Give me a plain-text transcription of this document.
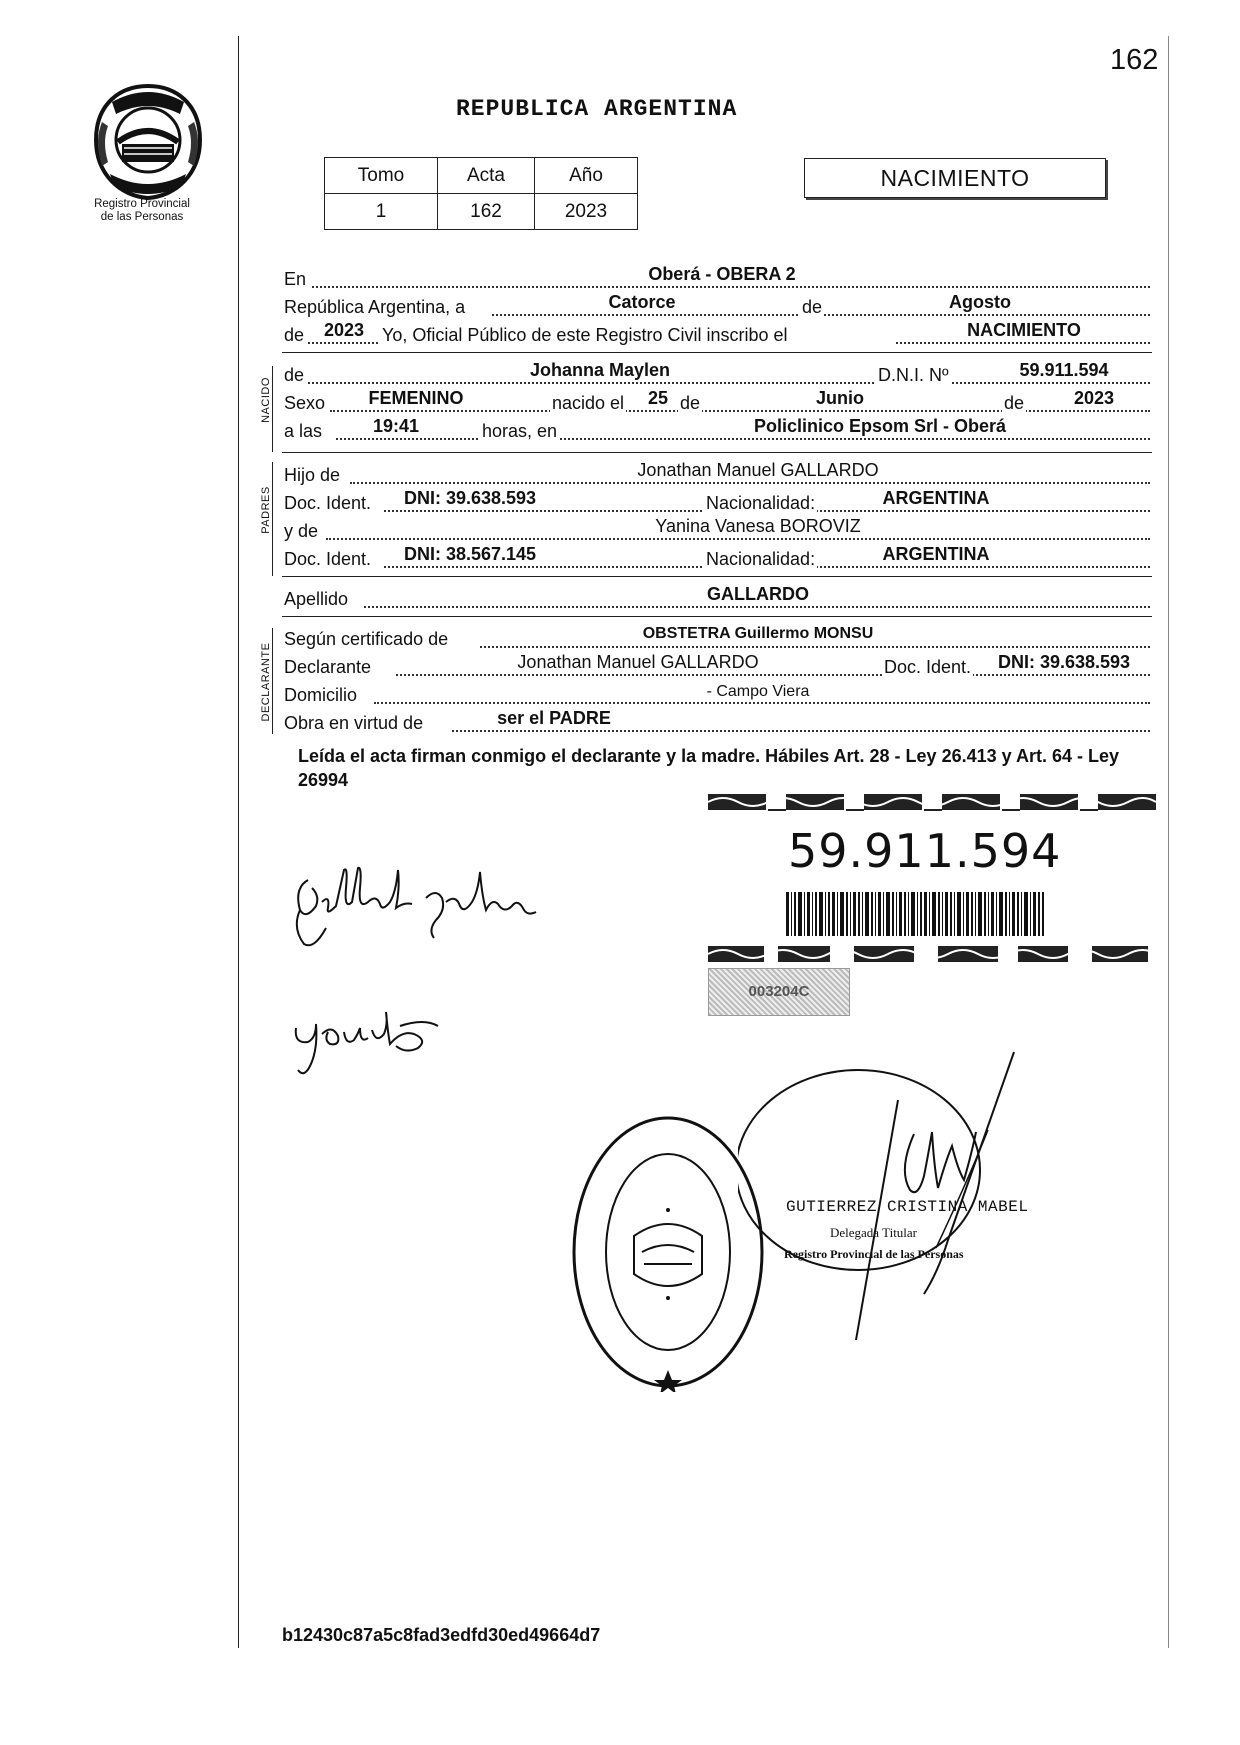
162
Registro Provincial
de las Personas
REPUBLICA ARGENTINA
Tomo	Acta	Año
1	162	2023
NACIMIENTO
En	Oberá - OBERA 2
República Argentina, a	Catorce	de	Agosto
de 2023 Yo, Oficial Público de este Registro Civil inscribo el	NACIMIENTO
NACIDO
de	Johanna Maylen	D.N.I. Nº	59.911.594
Sexo FEMENINO	nacido el 25 de	Junio	de	2023
a las	19:41	horas, en	Policlinico Epsom Srl - Oberá
PADRES
Hijo de	Jonathan Manuel GALLARDO
Doc. Ident. DNI: 39.638.593	Nacionalidad:	ARGENTINA
y de	Yanina Vanesa BOROVIZ
Doc. Ident. DNI: 38.567.145	Nacionalidad:	ARGENTINA
Apellido	GALLARDO
DECLARANTE
Según certificado de	OBSTETRA Guillermo MONSU
Declarante	Jonathan Manuel GALLARDO	Doc. Ident. DNI: 39.638.593
Domicilio	- Campo Viera
Obra en virtud de	ser el PADRE
Leída el acta firman conmigo el declarante y la madre. Hábiles Art. 28 - Ley 26.413 y Art. 64 - Ley 26994
59.911.594
003204C
GUTIERREZ CRISTINA MABEL
Delegada Titular
Registro Provincial de las Personas
b12430c87a5c8fad3edfd30ed49664d7
